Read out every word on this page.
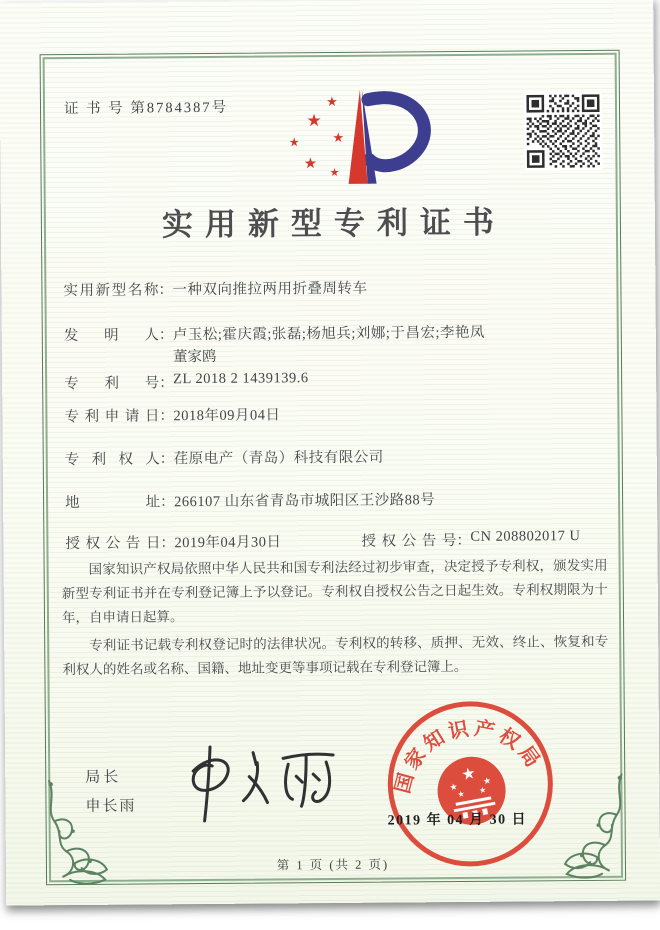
证 书 号 第8784387号	★
★
★
★
★
★
实用新型专利证书
实用新型名称：一种双向推拉两用折叠周转车
发明人：卢玉松;霍庆霞;张磊;杨旭兵;刘娜;于昌宏;李艳凤
董家鸥
专利号：ZL 2018 2 1439139.6
专利申请日：2018年09月04日
专利权人：荏原电产（青岛）科技有限公司
地址：266107 山东省青岛市城阳区王沙路88号
授权公告日：2019年04月30日	授权公告号：CN 208802017 U

国家知识产权局依照中华人民共和国专利法经过初步审查，决定授予专利权，颁发实用新型专利证书并在专利登记簿上予以登记。专利权自授权公告之日起生效。专利权期限为十年，自申请日起算。

专利证书记载专利权登记时的法律状况。专利权的转移、质押、无效、终止、恢复和专利权人的姓名或名称、国籍、地址变更等事项记载在专利登记簿上。

局长
申长雨
国家知识产权局
★
★
★
★ ★
2019 年 04 月 30 日
第 1 页 (共 2 页)
